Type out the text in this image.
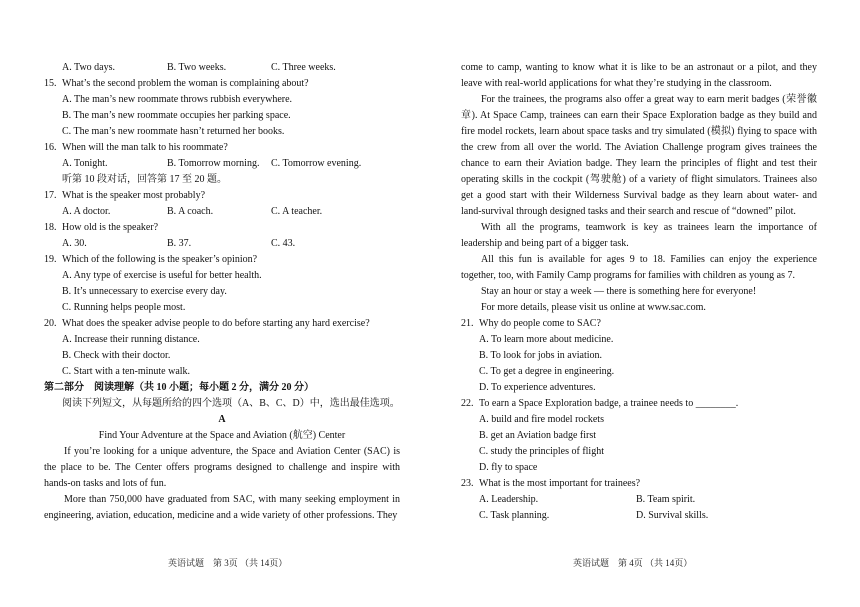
A. Two days.	B. Two weeks.	C. Three weeks.
15. What’s the second problem the woman is complaining about?
A. The man’s new roommate throws rubbish everywhere.
B. The man’s new roommate occupies her parking space.
C. The man’s new roommate hasn’t returned her books.
16. When will the man talk to his roommate?
A. Tonight.	B. Tomorrow morning.	C. Tomorrow evening.
听第 10 段对话，回答第 17 至 20 题。
17. What is the speaker most probably?
A. A doctor.	B. A coach.	C. A teacher.
18. How old is the speaker?
A. 30.	B. 37.	C. 43.
19. Which of the following is the speaker’s opinion?
A. Any type of exercise is useful for better health.
B. It’s unnecessary to exercise every day.
C. Running helps people most.
20. What does the speaker advise people to do before starting any hard exercise?
A. Increase their running distance.
B. Check with their doctor.
C. Start with a ten-minute walk.
第二部分　阅读理解（共 10 小题；每小题 2 分，满分 20 分）
阅读下列短文，从每题所给的四个选项（A、B、C、D）中，选出最佳选项。
A
Find Your Adventure at the Space and Aviation (航空) Center
If you’re looking for a unique adventure, the Space and Aviation Center (SAC) is the place to be. The Center offers programs designed to challenge and inspire with hands-on tasks and lots of fun.
More than 750,000 have graduated from SAC, with many seeking employment in engineering, aviation, education, medicine and a wide variety of other professions. They
come to camp, wanting to know what it is like to be an astronaut or a pilot, and they leave with real-world applications for what they’re studying in the classroom.
For the trainees, the programs also offer a great way to earn merit badges (荣誉徽章). At Space Camp, trainees can earn their Space Exploration badge as they build and fire model rockets, learn about space tasks and try simulated (模拟) flying to space with the crew from all over the world. The Aviation Challenge program gives trainees the chance to earn their Aviation badge. They learn the principles of flight and test their operating skills in the cockpit (驾驶舱) of a variety of flight simulators. Trainees also get a good start with their Wilderness Survival badge as they learn about water- and land-survival through designed tasks and their search and rescue of “downed” pilot.
With all the programs, teamwork is key as trainees learn the importance of leadership and being part of a bigger task.
All this fun is available for ages 9 to 18. Families can enjoy the experience together, too, with Family Camp programs for families with children as young as 7.
Stay an hour or stay a week — there is something here for everyone!
For more details, please visit us online at www.sac.com.
21. Why do people come to SAC?
A. To learn more about medicine.
B. To look for jobs in aviation.
C. To get a degree in engineering.
D. To experience adventures.
22. To earn a Space Exploration badge, a trainee needs to ________.
A. build and fire model rockets
B. get an Aviation badge first
C. study the principles of flight
D. fly to space
23. What is the most important for trainees?
A. Leadership.	B. Team spirit.
C. Task planning.	D. Survival skills.
英语试题　第 3页 （共 14页）	英语试题　第 4页 （共 14页）
